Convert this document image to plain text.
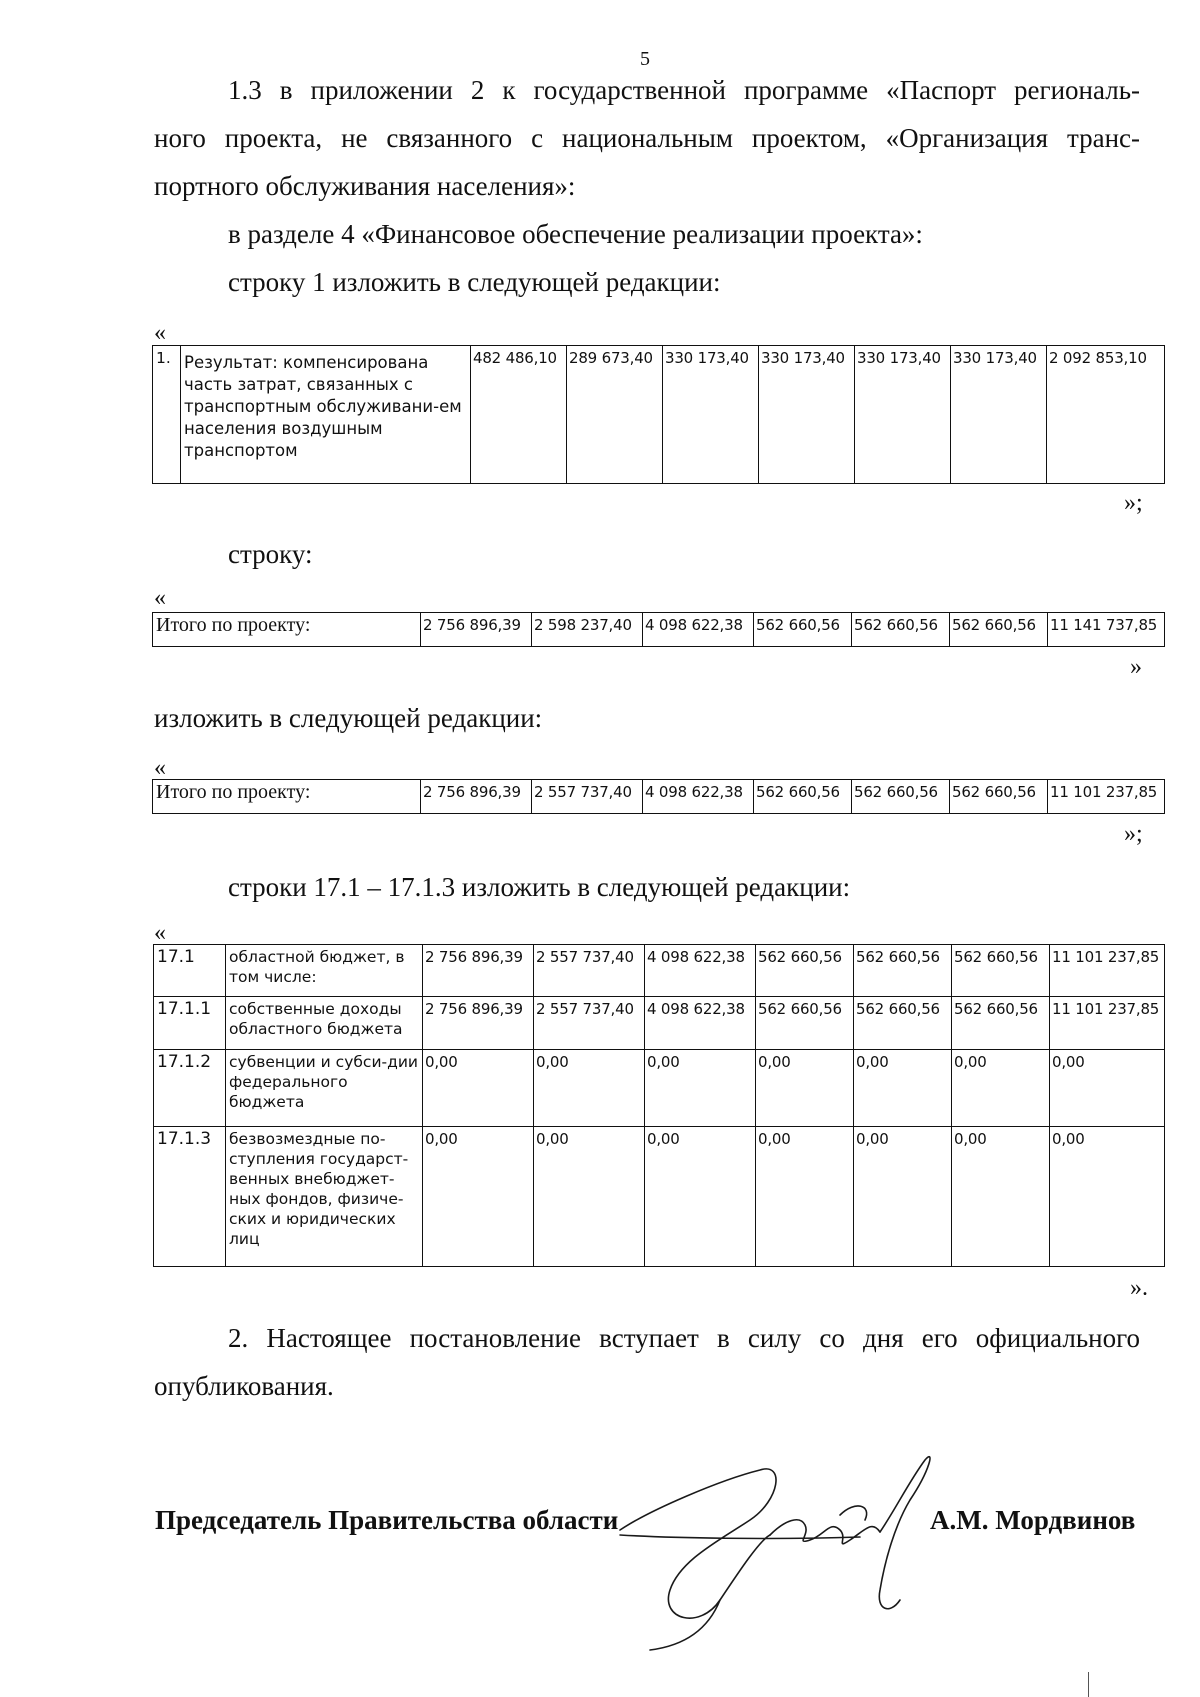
5
1.3 в приложении 2 к государственной программе «Паспорт региональ-
ного проекта, не связанного с национальным проектом, «Организация транс-
портного обслуживания населения»:
в разделе 4 «Финансовое обеспечение реализации проекта»:
строку 1 изложить в следующей редакции:
«
1.	Результат: компенсирована часть затрат, связанных с транспортным обслуживани-ем населения воздушным транспортом	482 486,10	289 673,40	330 173,40	330 173,40	330 173,40	330 173,40	2 092 853,10
»;
строку:
«
Итого по проекту:	2 756 896,39	2 598 237,40	4 098 622,38	562 660,56	562 660,56	562 660,56	11 141 737,85
»
изложить в следующей редакции:
«
Итого по проекту:	2 756 896,39	2 557 737,40	4 098 622,38	562 660,56	562 660,56	562 660,56	11 101 237,85
»;
строки 17.1 – 17.1.3 изложить в следующей редакции:
«
17.1	областной бюджет, в том числе:	2 756 896,39	2 557 737,40	4 098 622,38	562 660,56	562 660,56	562 660,56	11 101 237,85
17.1.1	собственные доходы областного бюджета	2 756 896,39	2 557 737,40	4 098 622,38	562 660,56	562 660,56	562 660,56	11 101 237,85
17.1.2	субвенции и субси-дии федерального бюджета	0,00	0,00	0,00	0,00	0,00	0,00	0,00
17.1.3	безвозмездные по-ступления государст-венных внебюджет-ных фондов, физиче-ских и юридических лиц	0,00	0,00	0,00	0,00	0,00	0,00	0,00
».
2. Настоящее постановление вступает в силу со дня его официального
опубликования.
Председатель Правительства области	А.М. Мордвинов
